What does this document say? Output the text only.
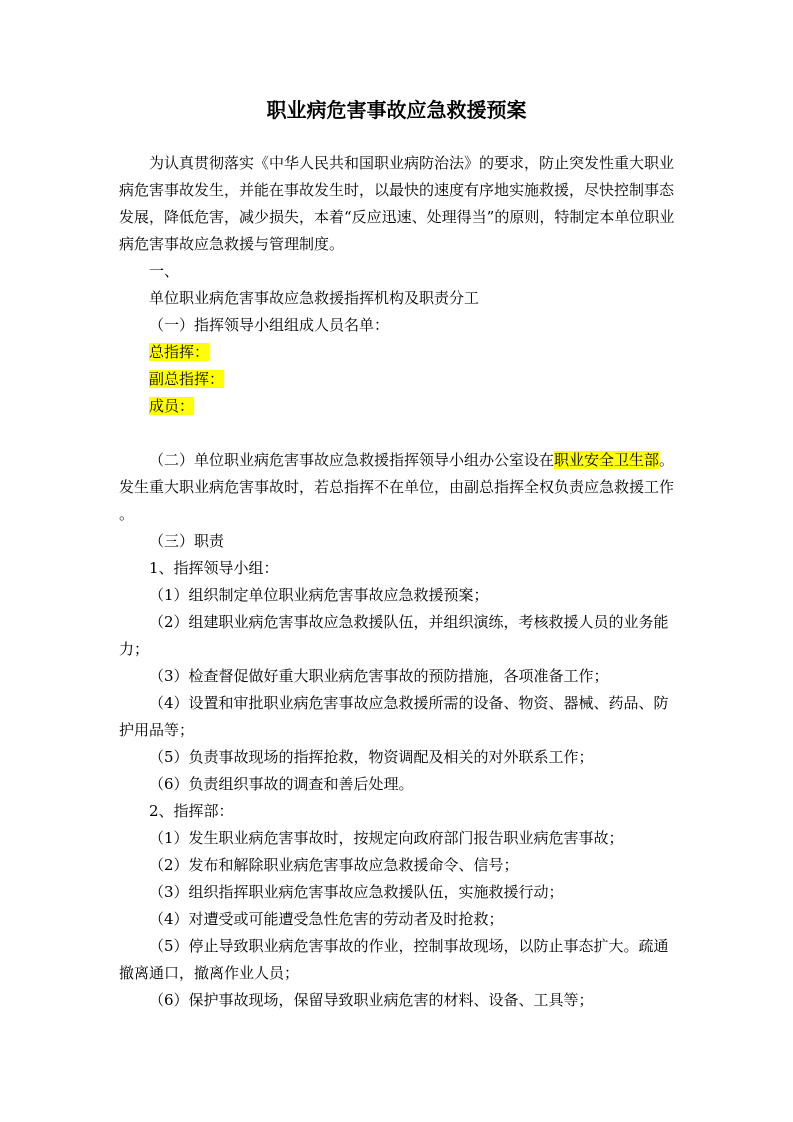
职业病危害事故应急救援预案

为认真贯彻落实《中华人民共和国职业病防治法》的要求，防止突发性重大职业病危害事故发生，并能在事故发生时，以最快的速度有序地实施救援，尽快控制事态发展，降低危害，减少损失，本着“反应迅速、处理得当”的原则，特制定本单位职业病危害事故应急救援与管理制度。

一、

单位职业病危害事故应急救援指挥机构及职责分工

（一）指挥领导小组组成人员名单：

总指挥：

副总指挥：

成员：

（二）单位职业病危害事故应急救援指挥领导小组办公室设在职业安全卫生部。发生重大职业病危害事故时，若总指挥不在单位，由副总指挥全权负责应急救援工作。

（三）职责

1、指挥领导小组：

（1）组织制定单位职业病危害事故应急救援预案；

（2）组建职业病危害事故应急救援队伍，并组织演练，考核救援人员的业务能力；

（3）检查督促做好重大职业病危害事故的预防措施，各项准备工作；

（4）设置和审批职业病危害事故应急救援所需的设备、物资、器械、药品、防护用品等；

（5）负责事故现场的指挥抢救，物资调配及相关的对外联系工作；

（6）负责组织事故的调查和善后处理。

2、指挥部：

（1）发生职业病危害事故时，按规定向政府部门报告职业病危害事故；

（2）发布和解除职业病危害事故应急救援命令、信号；

（3）组织指挥职业病危害事故应急救援队伍，实施救援行动；

（4）对遭受或可能遭受急性危害的劳动者及时抢救；

（5）停止导致职业病危害事故的作业，控制事故现场，以防止事态扩大。疏通撤离通口，撤离作业人员；

（6）保护事故现场，保留导致职业病危害的材料、设备、工具等；
